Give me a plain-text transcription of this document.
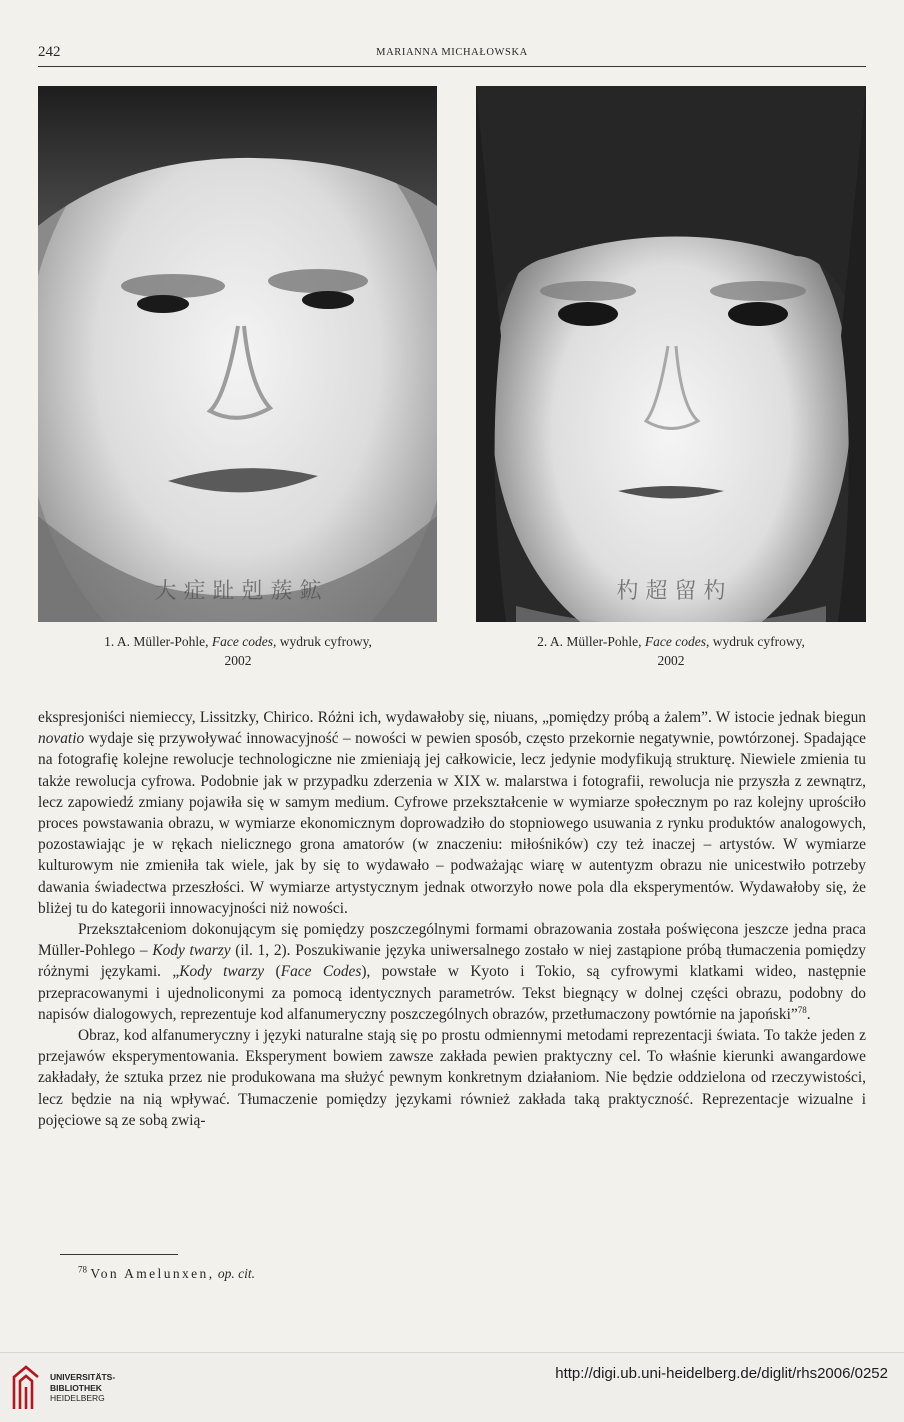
242	MARIANNA MICHAŁOWSKA
大 症 趾 剋 蔟 鉱	杓 超 留 杓
1. A. Müller-Pohle, Face codes, wydruk cyfrowy,
2002
2. A. Müller-Pohle, Face codes, wydruk cyfrowy,
2002

ekspresjoniści niemieccy, Lissitzky, Chirico. Różni ich, wydawałoby się, niuans, „pomiędzy próbą a żalem”. W istocie jednak biegun novatio wydaje się przywoływać innowacyjność – nowości w pewien sposób, często przekornie negatywnie, powtórzonej. Spadające na fotografię kolejne rewolucje technologiczne nie zmieniają jej całkowicie, lecz jedynie modyfikują strukturę. Niewiele zmienia tu także rewolucja cyfrowa. Podobnie jak w przypadku zderzenia w XIX w. malarstwa i fotografii, rewolucja nie przyszła z zewnątrz, lecz zapowiedź zmiany pojawiła się w samym medium. Cyfrowe przekształcenie w wymiarze społecznym po raz kolejny uprościło proces powstawania obrazu, w wymiarze ekonomicznym doprowadziło do stopniowego usuwania z rynku produktów analogowych, pozostawiając je w rękach nielicznego grona amatorów (w znaczeniu: miłośników) czy też inaczej – artystów. W wymiarze kulturowym nie zmieniła tak wiele, jak by się to wydawało – podważając wiarę w autentyzm obrazu nie unicestwiło potrzeby dawania świadectwa przeszłości. W wymiarze artystycznym jednak otworzyło nowe pola dla eksperymentów. Wydawałoby się, że bliżej tu do kategorii innowacyjności niż nowości.

Przekształceniom dokonującym się pomiędzy poszczególnymi formami obrazowania została poświęcona jeszcze jedna praca Müller-Pohlego – Kody twarzy (il. 1, 2). Poszukiwanie języka uniwersalnego zostało w niej zastąpione próbą tłumaczenia pomiędzy różnymi językami. „Kody twarzy (Face Codes), powstałe w Kyoto i Tokio, są cyfrowymi klatkami wideo, następnie przepracowanymi i ujednoliconymi za pomocą identycznych parametrów. Tekst biegnący w dolnej części obrazu, podobny do napisów dialogowych, reprezentuje kod alfanumeryczny poszczególnych obrazów, przetłumaczony powtórnie na japoński”$^{78}$.

Obraz, kod alfanumeryczny i języki naturalne stają się po prostu odmiennymi metodami reprezentacji świata. To także jeden z przejawów eksperymentowania. Eksperyment bowiem zawsze zakłada pewien praktyczny cel. To właśnie kierunki awangardowe zakładały, że sztuka przez nie produkowana ma służyć pewnym konkretnym działaniom. Nie będzie oddzielona od rzeczywistości, lecz będzie na nią wpływać. Tłumaczenie pomiędzy językami również zakłada taką praktyczność. Reprezentacje wizualne i pojęciowe są ze sobą zwią-

$^{78}$ Von Amelunxen, op. cit.
UNIVERSITÄTS-
BIBLIOTHEK
HEIDELBERG
http://digi.ub.uni-heidelberg.de/diglit/rhs2006/0252
